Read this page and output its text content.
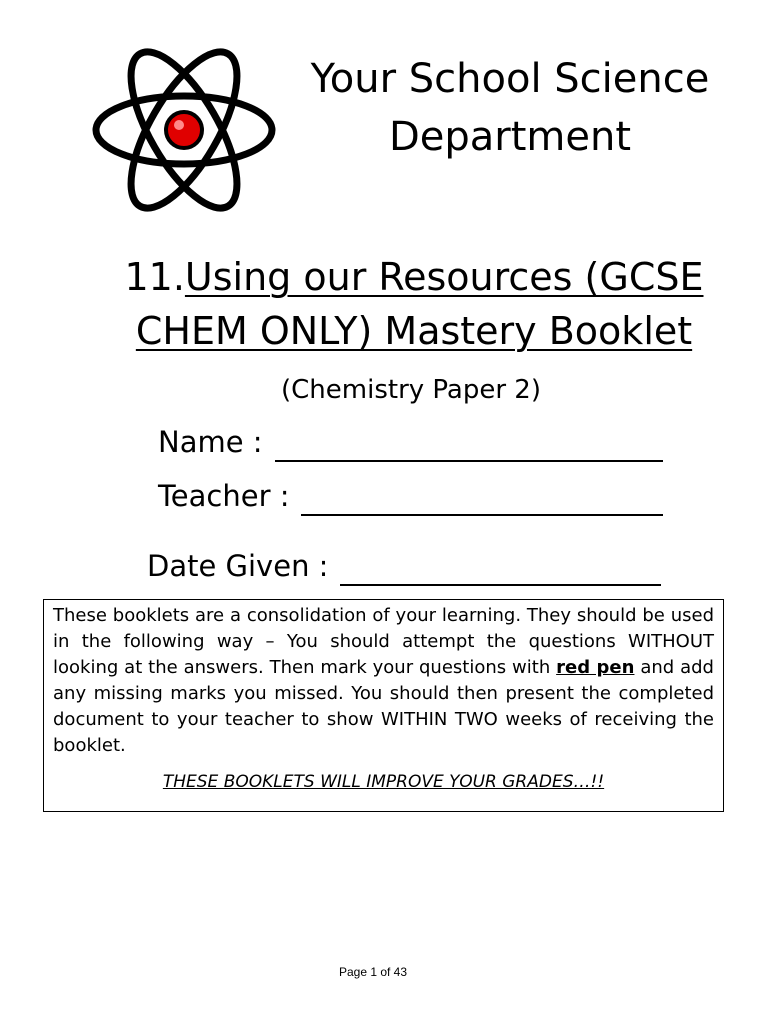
Your School Science
Department
11.Using our Resources (GCSE
CHEM ONLY) Mastery Booklet
(Chemistry Paper 2)
Name :
Teacher :
Date Given :

These booklets are a consolidation of your learning. They should be used in the following way – You should attempt the questions WITHOUT looking at the answers. Then mark your questions with red pen and add any missing marks you missed. You should then present the completed document to your teacher to show WITHIN TWO weeks of receiving the booklet.

THESE BOOKLETS WILL IMPROVE YOUR GRADES…!!

Page 1 of 43
